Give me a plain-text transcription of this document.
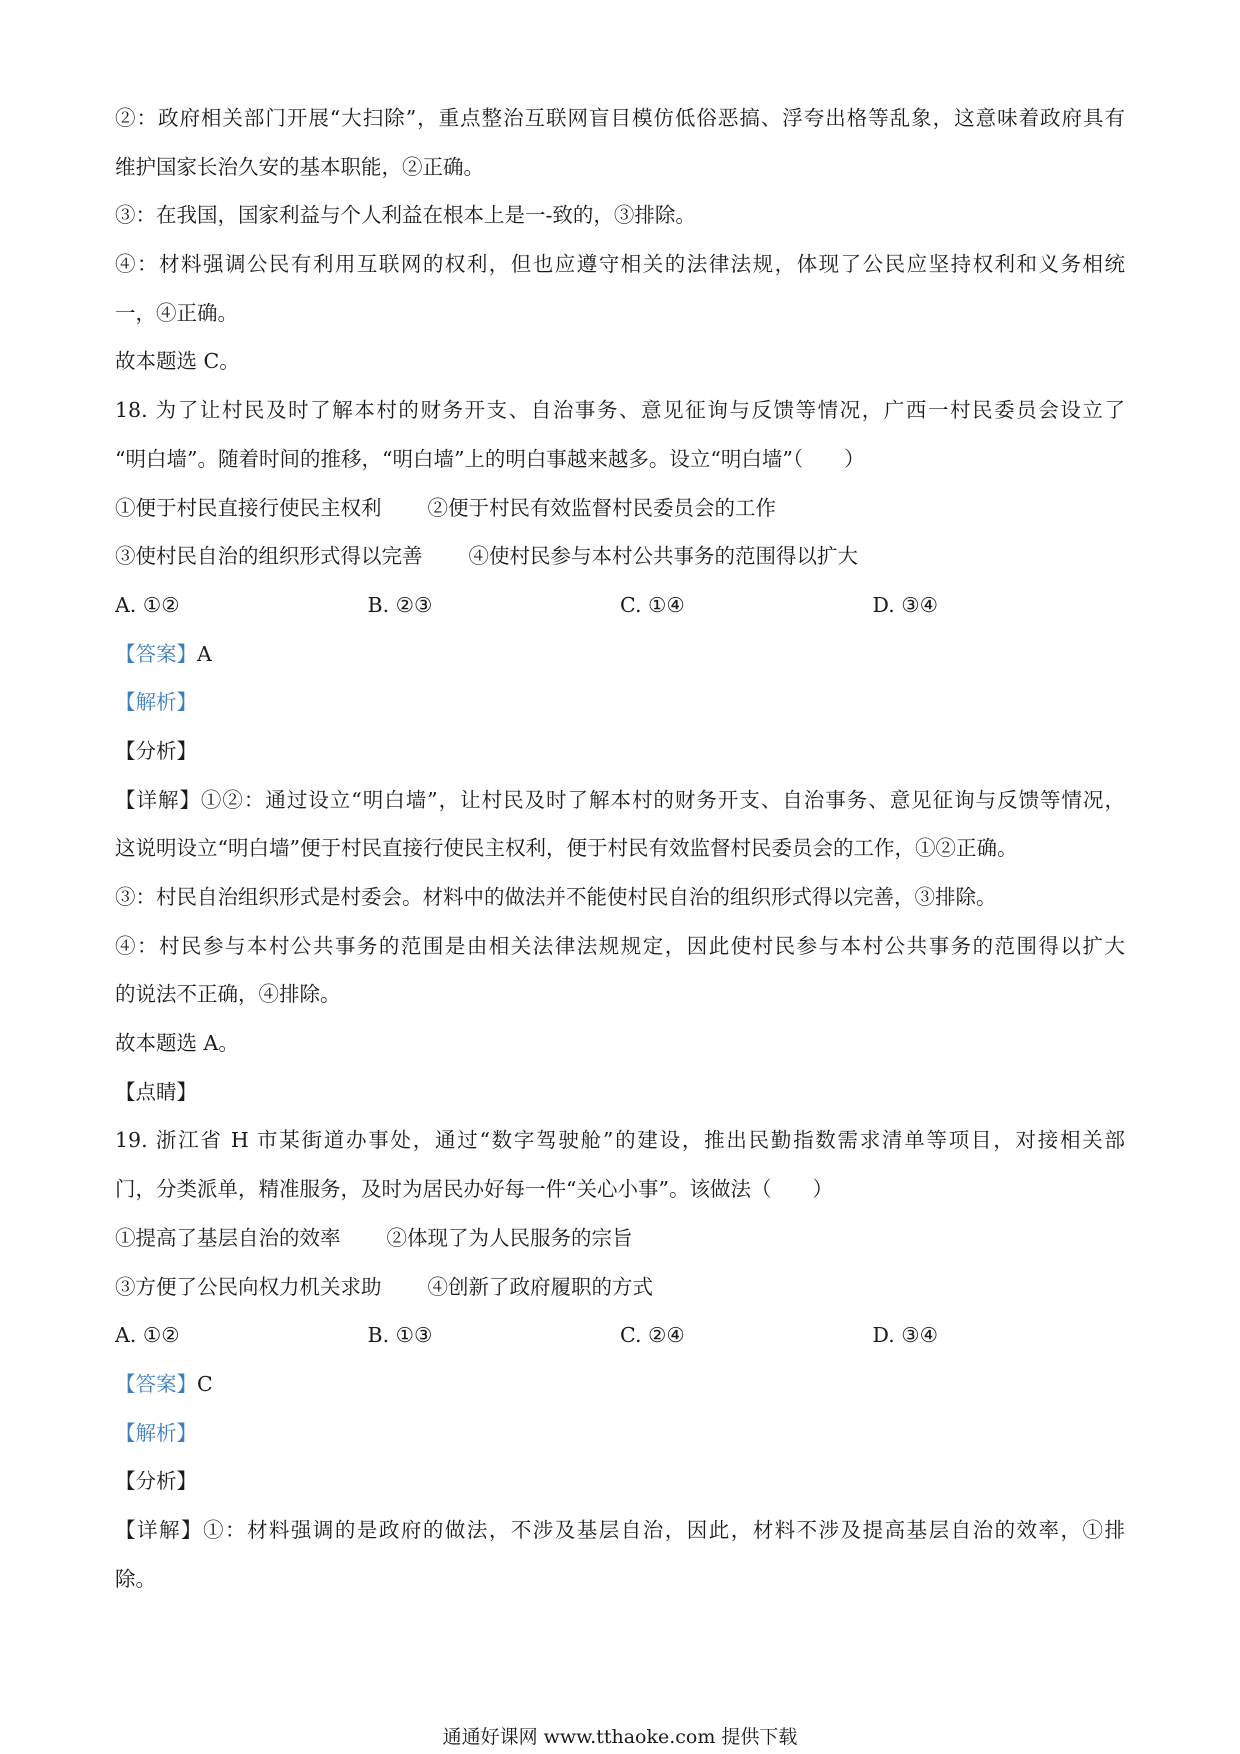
②：政府相关部门开展“大扫除”，重点整治互联网盲目模仿低俗恶搞、浮夸出格等乱象，这意味着政府具有
维护国家长治久安的基本职能，②正确。
③：在我国，国家利益与个人利益在根本上是一-致的，③排除。
④：材料强调公民有利用互联网的权利，但也应遵守相关的法律法规，体现了公民应坚持权利和义务相统
一，④正确。
故本题选 C。
18. 为了让村民及时了解本村的财务开支、自治事务、意见征询与反馈等情况，广西一村民委员会设立了
“明白墙”。随着时间的推移，“明白墙”上的明白事越来越多。设立“明白墙”（　　）
①便于村民直接行使民主权利 ②便于村民有效监督村民委员会的工作
③使村民自治的组织形式得以完善 ④使村民参与本村公共事务的范围得以扩大
A. ①②	B. ②③	C. ①④	D. ③④
【答案】A
【解析】
【分析】
【详解】①②：通过设立“明白墙”，让村民及时了解本村的财务开支、自治事务、意见征询与反馈等情况，
这说明设立“明白墙”便于村民直接行使民主权利，便于村民有效监督村民委员会的工作，①②正确。
③：村民自治组织形式是村委会。材料中的做法并不能使村民自治的组织形式得以完善，③排除。
④：村民参与本村公共事务的范围是由相关法律法规规定，因此使村民参与本村公共事务的范围得以扩大
的说法不正确，④排除。
故本题选 A。
【点睛】
19. 浙江省 H 市某街道办事处，通过“数字驾驶舱”的建设，推出民勤指数需求清单等项目，对接相关部
门，分类派单，精准服务，及时为居民办好每一件“关心小事”。该做法（　　）
①提高了基层自治的效率 ②体现了为人民服务的宗旨
③方便了公民向权力机关求助 ④创新了政府履职的方式
A. ①②	B. ①③	C. ②④	D. ③④
【答案】C
【解析】
【分析】
【详解】①：材料强调的是政府的做法，不涉及基层自治，因此，材料不涉及提高基层自治的效率，①排
除。
通通好课网 www.tthaoke.com 提供下载
